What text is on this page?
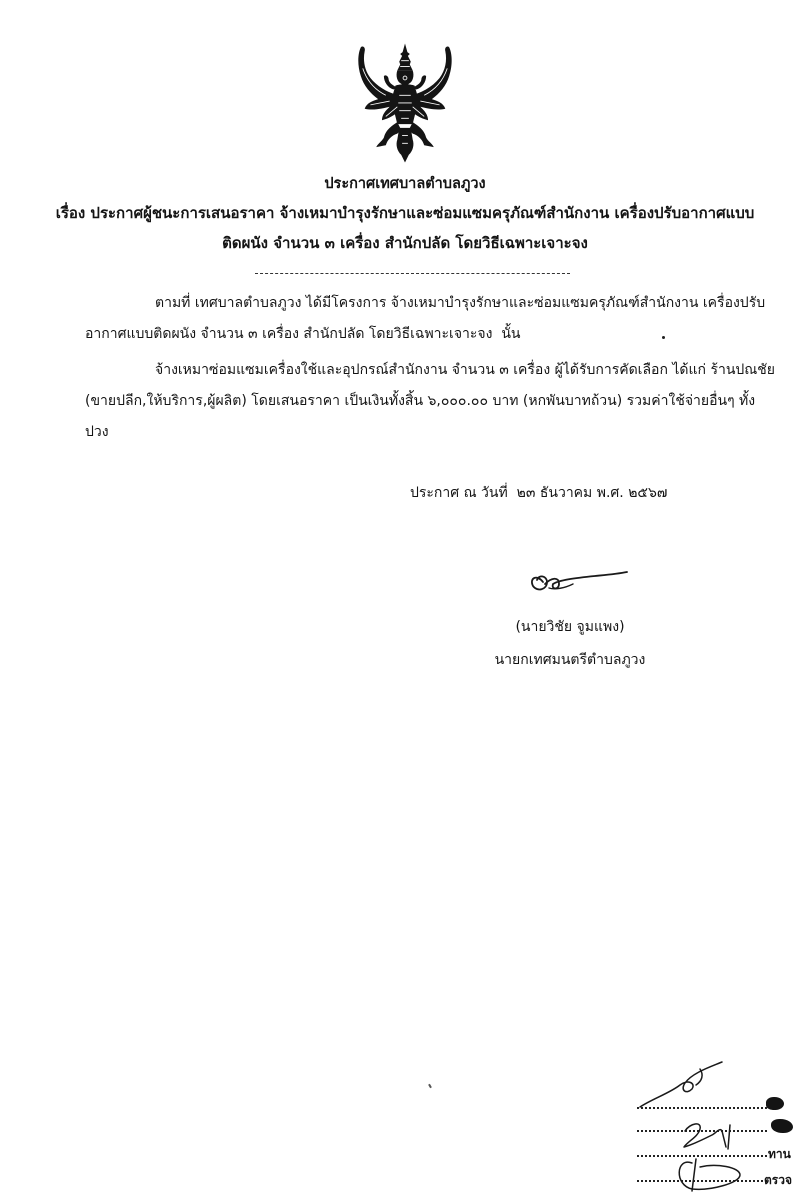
ประกาศเทศบาลตำบลภูวง
เรื่อง ประกาศผู้ชนะการเสนอราคา จ้างเหมาบำรุงรักษาและซ่อมแซมครุภัณฑ์สำนักงาน เครื่องปรับอากาศแบบ
ติดผนัง จำนวน ๓ เครื่อง สำนักปลัด โดยวิธีเฉพาะเจาะจง
ตามที่ เทศบาลตำบลภูวง ได้มีโครงการ จ้างเหมาบำรุงรักษาและซ่อมแซมครุภัณฑ์สำนักงาน เครื่องปรับ
อากาศแบบติดผนัง จำนวน ๓ เครื่อง สำนักปลัด โดยวิธีเฉพาะเจาะจง  นั้น
จ้างเหมาซ่อมแซมเครื่องใช้และอุปกรณ์สำนักงาน จำนวน ๓ เครื่อง ผู้ได้รับการคัดเลือก ได้แก่ ร้านปณชัย
(ขายปลีก,ให้บริการ,ผู้ผลิต) โดยเสนอราคา เป็นเงินทั้งสิ้น ๖,๐๐๐.๐๐ บาท (หกพันบาทถ้วน) รวมค่าใช้จ่ายอื่นๆ ทั้ง
ปวง
ประกาศ ณ วันที่  ๒๓ ธันวาคม พ.ศ. ๒๕๖๗
(นายวิชัย จูมแพง)
นายกเทศมนตรีตำบลภูวง
ทาน
ตรวจ
